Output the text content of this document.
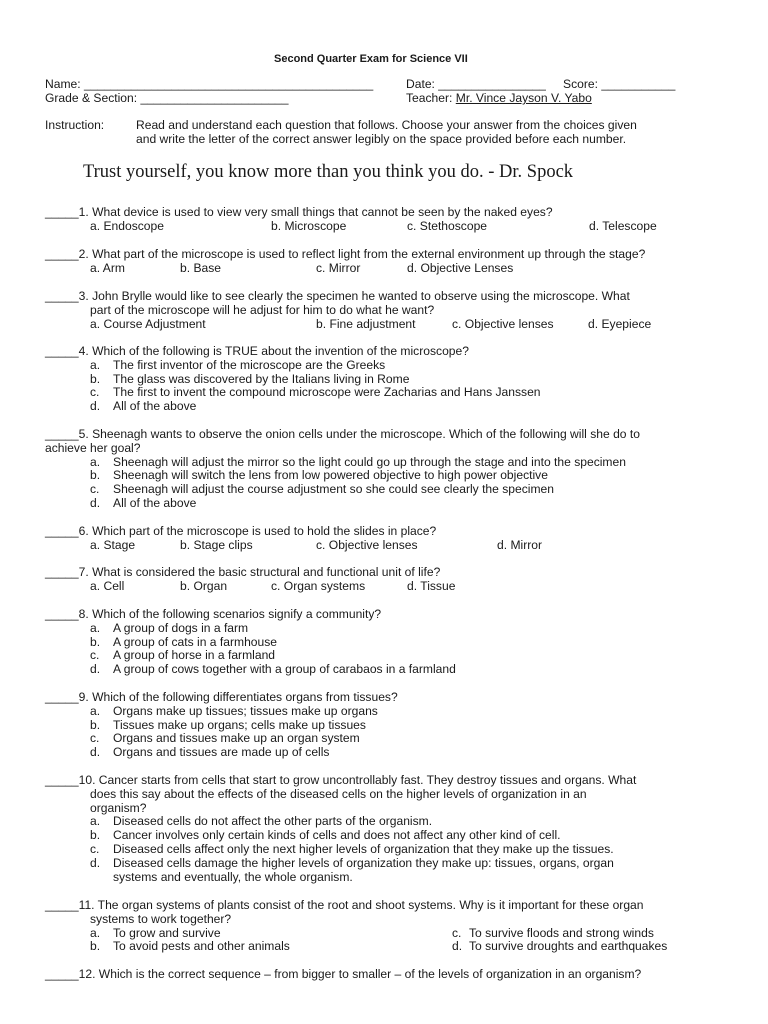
Second Quarter Exam for Science VII
Name: ___________________________________________	Date: ________________ Score: ___________
Grade & Section: ______________________	Teacher: Mr. Vince Jayson V. Yabo
Instruction:	Read and understand each question that follows. Choose your answer from the choices given
and write the letter of the correct answer legibly on the space provided before each number.
Trust yourself, you know more than you think you do. - Dr. Spock
_____1. What device is used to view very small things that cannot be seen by the naked eyes?
a. Endoscope	b. Microscope	c. Stethoscope	d. Telescope
_____2. What part of the microscope is used to reflect light from the external environment up through the stage?
a. Arm	b. Base	c. Mirror	d. Objective Lenses
_____3. John Brylle would like to see clearly the specimen he wanted to observe using the microscope. What
part of the microscope will he adjust for him to do what he want?
a. Course Adjustment	b. Fine adjustment	c. Objective lenses	d. Eyepiece
_____4. Which of the following is TRUE about the invention of the microscope?
a. The first inventor of the microscope are the Greeks
b. The glass was discovered by the Italians living in Rome
c. The first to invent the compound microscope were Zacharias and Hans Janssen
d. All of the above
_____5. Sheenagh wants to observe the onion cells under the microscope. Which of the following will she do to
achieve her goal?
a. Sheenagh will adjust the mirror so the light could go up through the stage and into the specimen
b. Sheenagh will switch the lens from low powered objective to high power objective
c. Sheenagh will adjust the course adjustment so she could see clearly the specimen
d. All of the above
_____6. Which part of the microscope is used to hold the slides in place?
a. Stage	b. Stage clips	c. Objective lenses	d. Mirror
_____7. What is considered the basic structural and functional unit of life?
a. Cell	b. Organ	c. Organ systems	d. Tissue
_____8. Which of the following scenarios signify a community?
a. A group of dogs in a farm
b. A group of cats in a farmhouse
c. A group of horse in a farmland
d. A group of cows together with a group of carabaos in a farmland
_____9. Which of the following differentiates organs from tissues?
a. Organs make up tissues; tissues make up organs
b. Tissues make up organs; cells make up tissues
c. Organs and tissues make up an organ system
d. Organs and tissues are made up of cells
_____10. Cancer starts from cells that start to grow uncontrollably fast. They destroy tissues and organs. What
does this say about the effects of the diseased cells on the higher levels of organization in an
organism?
a. Diseased cells do not affect the other parts of the organism.
b. Cancer involves only certain kinds of cells and does not affect any other kind of cell.
c. Diseased cells affect only the next higher levels of organization that they make up the tissues.
d. Diseased cells damage the higher levels of organization they make up: tissues, organs, organ
systems and eventually, the whole organism.
_____11. The organ systems of plants consist of the root and shoot systems. Why is it important for these organ
systems to work together?
a. To grow and survive	c. To survive floods and strong winds
b. To avoid pests and other animals	d. To survive droughts and earthquakes
_____12. Which is the correct sequence – from bigger to smaller – of the levels of organization in an organism?
